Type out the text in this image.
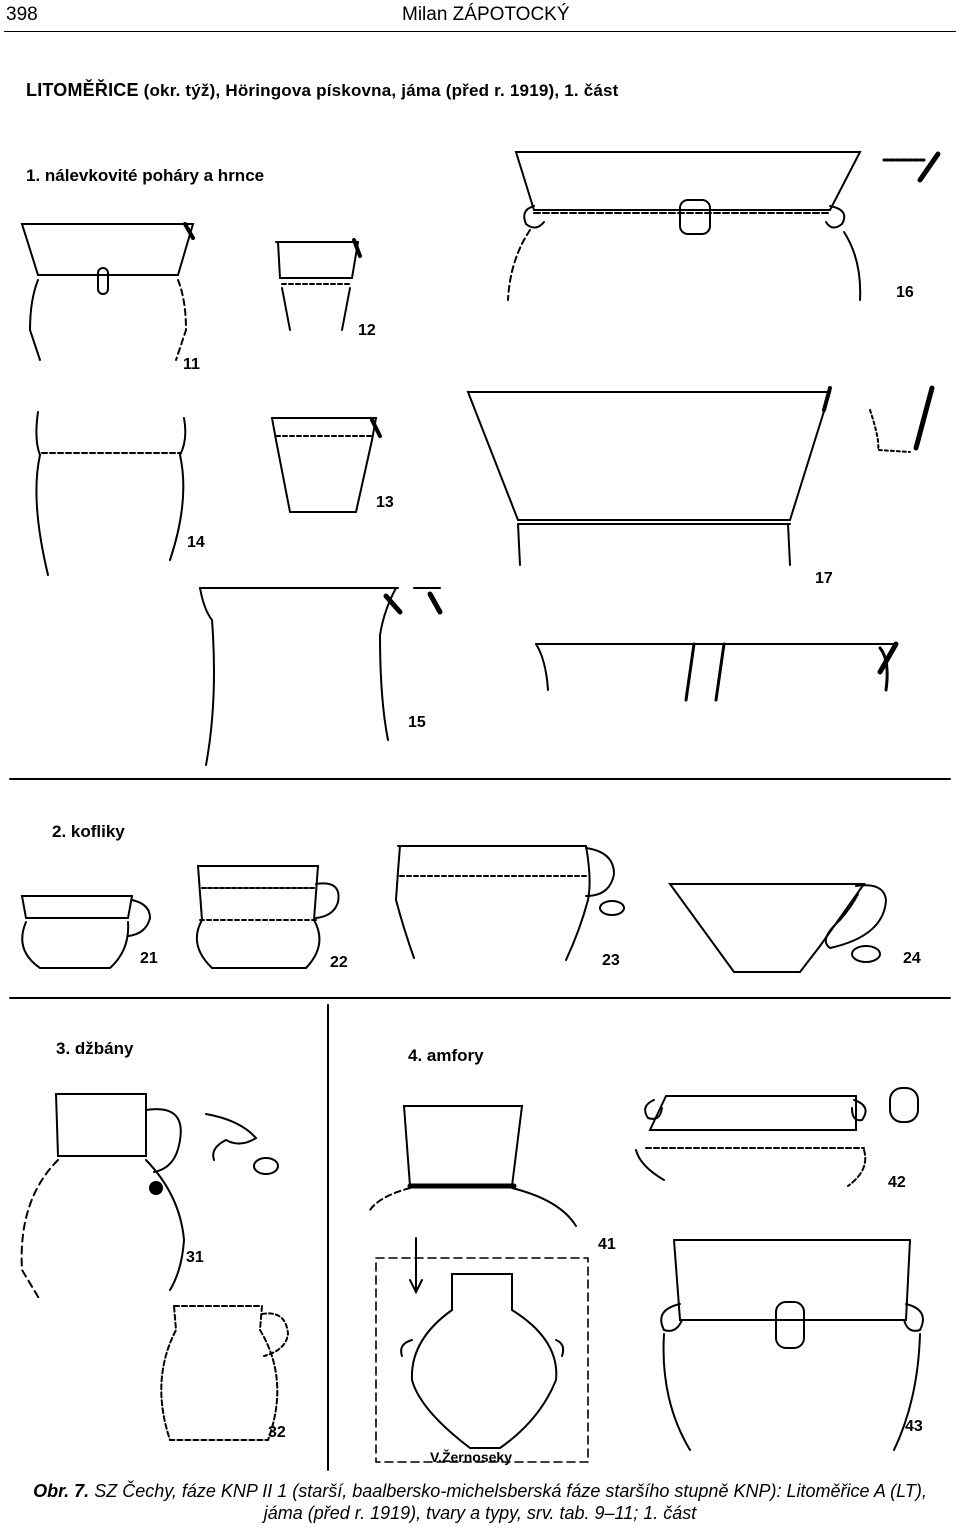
398	Milan ZÁPOTOCKÝ
LITOMĚŘICE (okr. týž), Höringova pískovna, jáma (před r. 1919), 1. část
1. nálevkovité poháry a hrnce
2. kofliky
3. džbány	4. amfory
11
12
13
14
15
16
17
21	22	23	24
31
32
41
42
43
V.Žernoseky
Obr. 7. SZ Čechy, fáze KNP II 1 (starší, baalbersko-michelsberská fáze staršího stupně KNP): Litoměřice A (LT),
jáma (před r. 1919), tvary a typy, srv. tab. 9–11; 1. část
